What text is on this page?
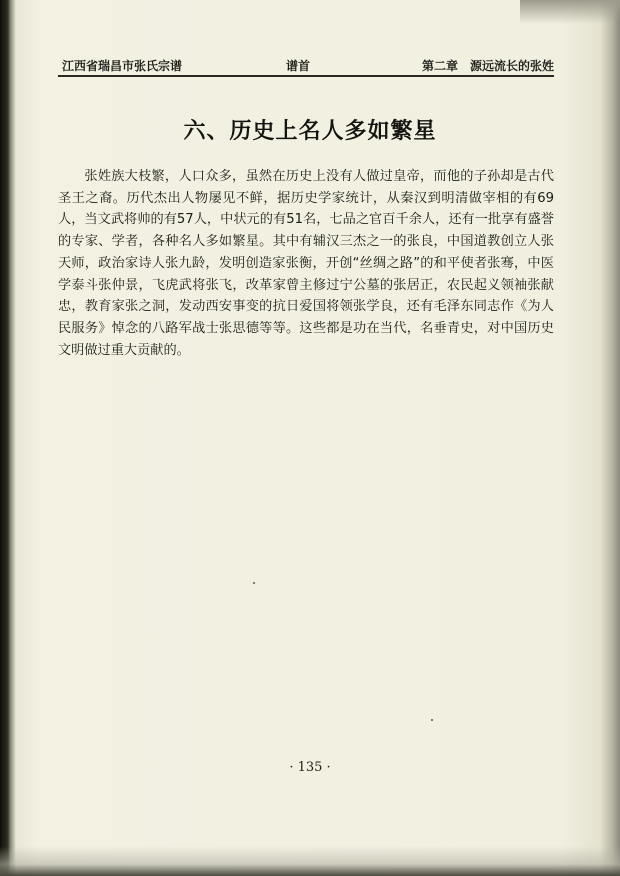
江西省瑞昌市张氏宗谱	谱首	第二章　源远流长的张姓
六、历史上名人多如繁星
张姓族大枝繁，人口众多，虽然在历史上没有人做过皇帝，而他的子孙却是古代圣王之裔。历代杰出人物屡见不鲜，据历史学家统计，从秦汉到明清做宰相的有69人，当文武将帅的有57人，中状元的有51名，七品之官百千余人，还有一批享有盛誉的专家、学者，各种名人多如繁星。其中有辅汉三杰之一的张良，中国道教创立人张天师，政治家诗人张九龄，发明创造家张衡，开创“丝绸之路”的和平使者张骞，中医学泰斗张仲景，飞虎武将张飞，改革家曾主修过宁公墓的张居正，农民起义领袖张献忠，教育家张之洞，发动西安事变的抗日爱国将领张学良，还有毛泽东同志作《为人民服务》悼念的八路军战士张思德等等。这些都是功在当代，名垂青史，对中国历史文明做过重大贡献的。
· 135 ·
